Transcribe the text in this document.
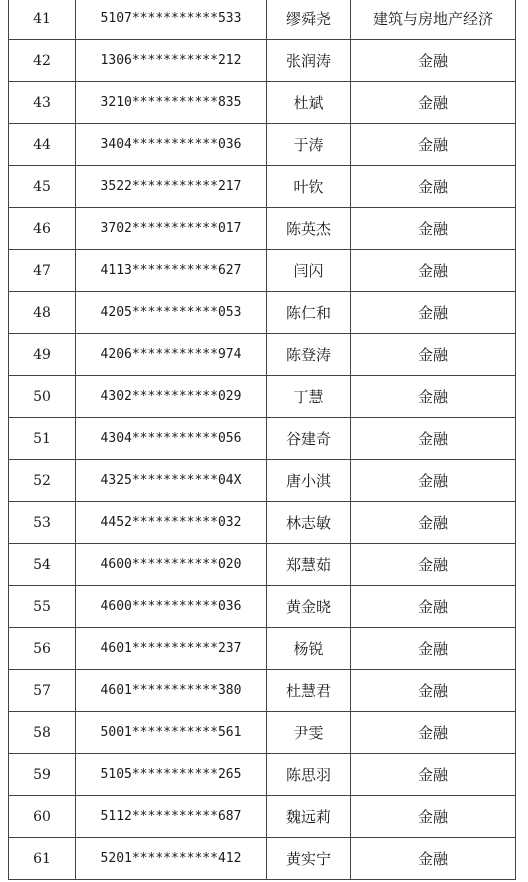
41	5107***********533	缪舜尧	建筑与房地产经济
42	1306***********212	张润涛	金融
43	3210***********835	杜斌	金融
44	3404***********036	于涛	金融
45	3522***********217	叶钦	金融
46	3702***********017	陈英杰	金融
47	4113***********627	闫闪	金融
48	4205***********053	陈仁和	金融
49	4206***********974	陈登涛	金融
50	4302***********029	丁慧	金融
51	4304***********056	谷建奇	金融
52	4325***********04X	唐小淇	金融
53	4452***********032	林志敏	金融
54	4600***********020	郑慧茹	金融
55	4600***********036	黄金晓	金融
56	4601***********237	杨锐	金融
57	4601***********380	杜慧君	金融
58	5001***********561	尹雯	金融
59	5105***********265	陈思羽	金融
60	5112***********687	魏远莉	金融
61	5201***********412	黄实宁	金融
